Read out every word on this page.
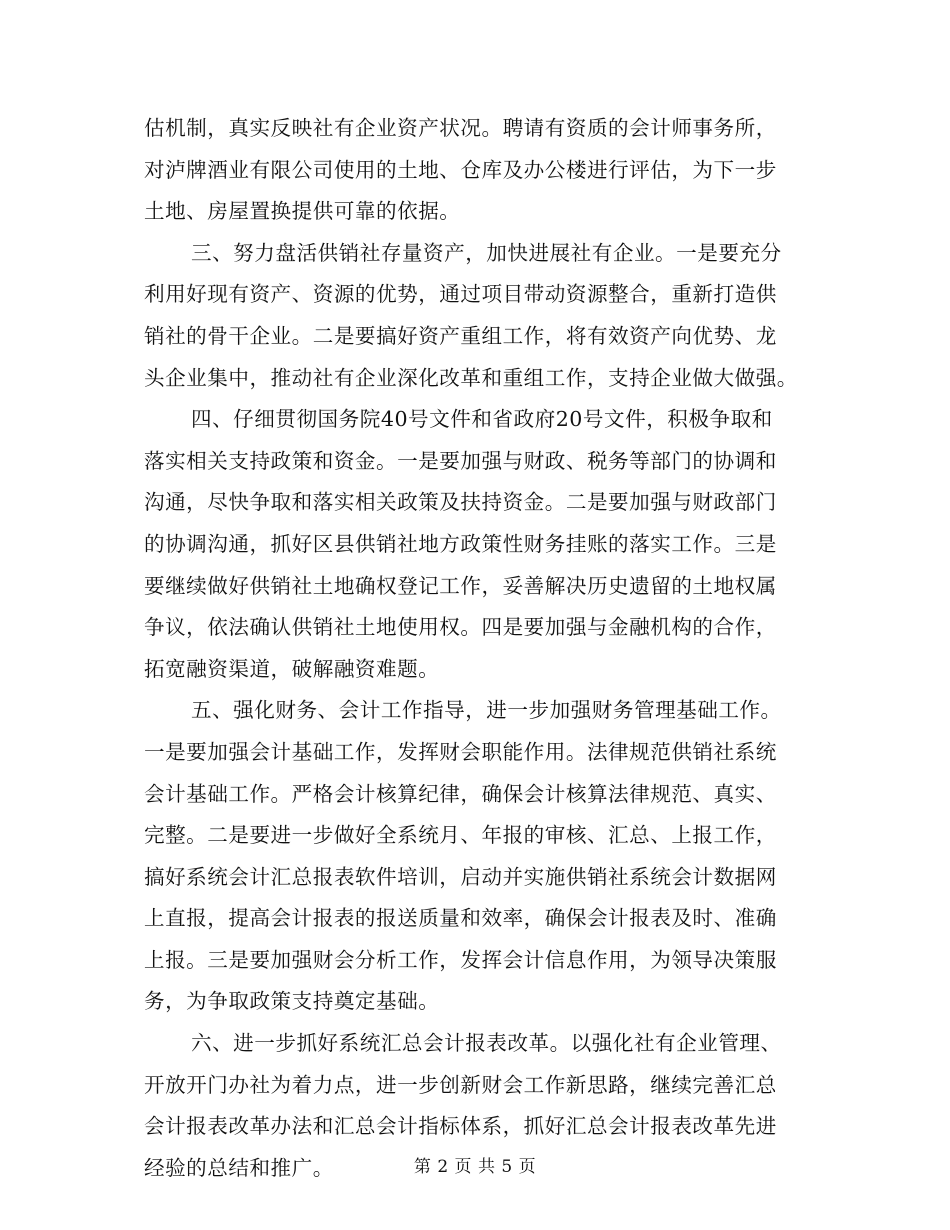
估机制，真实反映社有企业资产状况。聘请有资质的会计师事务所，
对泸牌酒业有限公司使用的土地、仓库及办公楼进行评估，为下一步
土地、房屋置换提供可靠的依据。
三、努力盘活供销社存量资产，加快进展社有企业。一是要充分
利用好现有资产、资源的优势，通过项目带动资源整合，重新打造供
销社的骨干企业。二是要搞好资产重组工作，将有效资产向优势、龙
头企业集中，推动社有企业深化改革和重组工作，支持企业做大做强。
四、仔细贯彻国务院40号文件和省政府20号文件，积极争取和
落实相关支持政策和资金。一是要加强与财政、税务等部门的协调和
沟通，尽快争取和落实相关政策及扶持资金。二是要加强与财政部门
的协调沟通，抓好区县供销社地方政策性财务挂账的落实工作。三是
要继续做好供销社土地确权登记工作，妥善解决历史遗留的土地权属
争议，依法确认供销社土地使用权。四是要加强与金融机构的合作，
拓宽融资渠道，破解融资难题。
五、强化财务、会计工作指导，进一步加强财务管理基础工作。
一是要加强会计基础工作，发挥财会职能作用。法律规范供销社系统
会计基础工作。严格会计核算纪律，确保会计核算法律规范、真实、
完整。二是要进一步做好全系统月、年报的审核、汇总、上报工作，
搞好系统会计汇总报表软件培训，启动并实施供销社系统会计数据网
上直报，提高会计报表的报送质量和效率，确保会计报表及时、准确
上报。三是要加强财会分析工作，发挥会计信息作用，为领导决策服
务，为争取政策支持奠定基础。
六、进一步抓好系统汇总会计报表改革。以强化社有企业管理、
开放开门办社为着力点，进一步创新财会工作新思路，继续完善汇总
会计报表改革办法和汇总会计指标体系，抓好汇总会计报表改革先进
经验的总结和推广。	第 2 页 共 5 页
